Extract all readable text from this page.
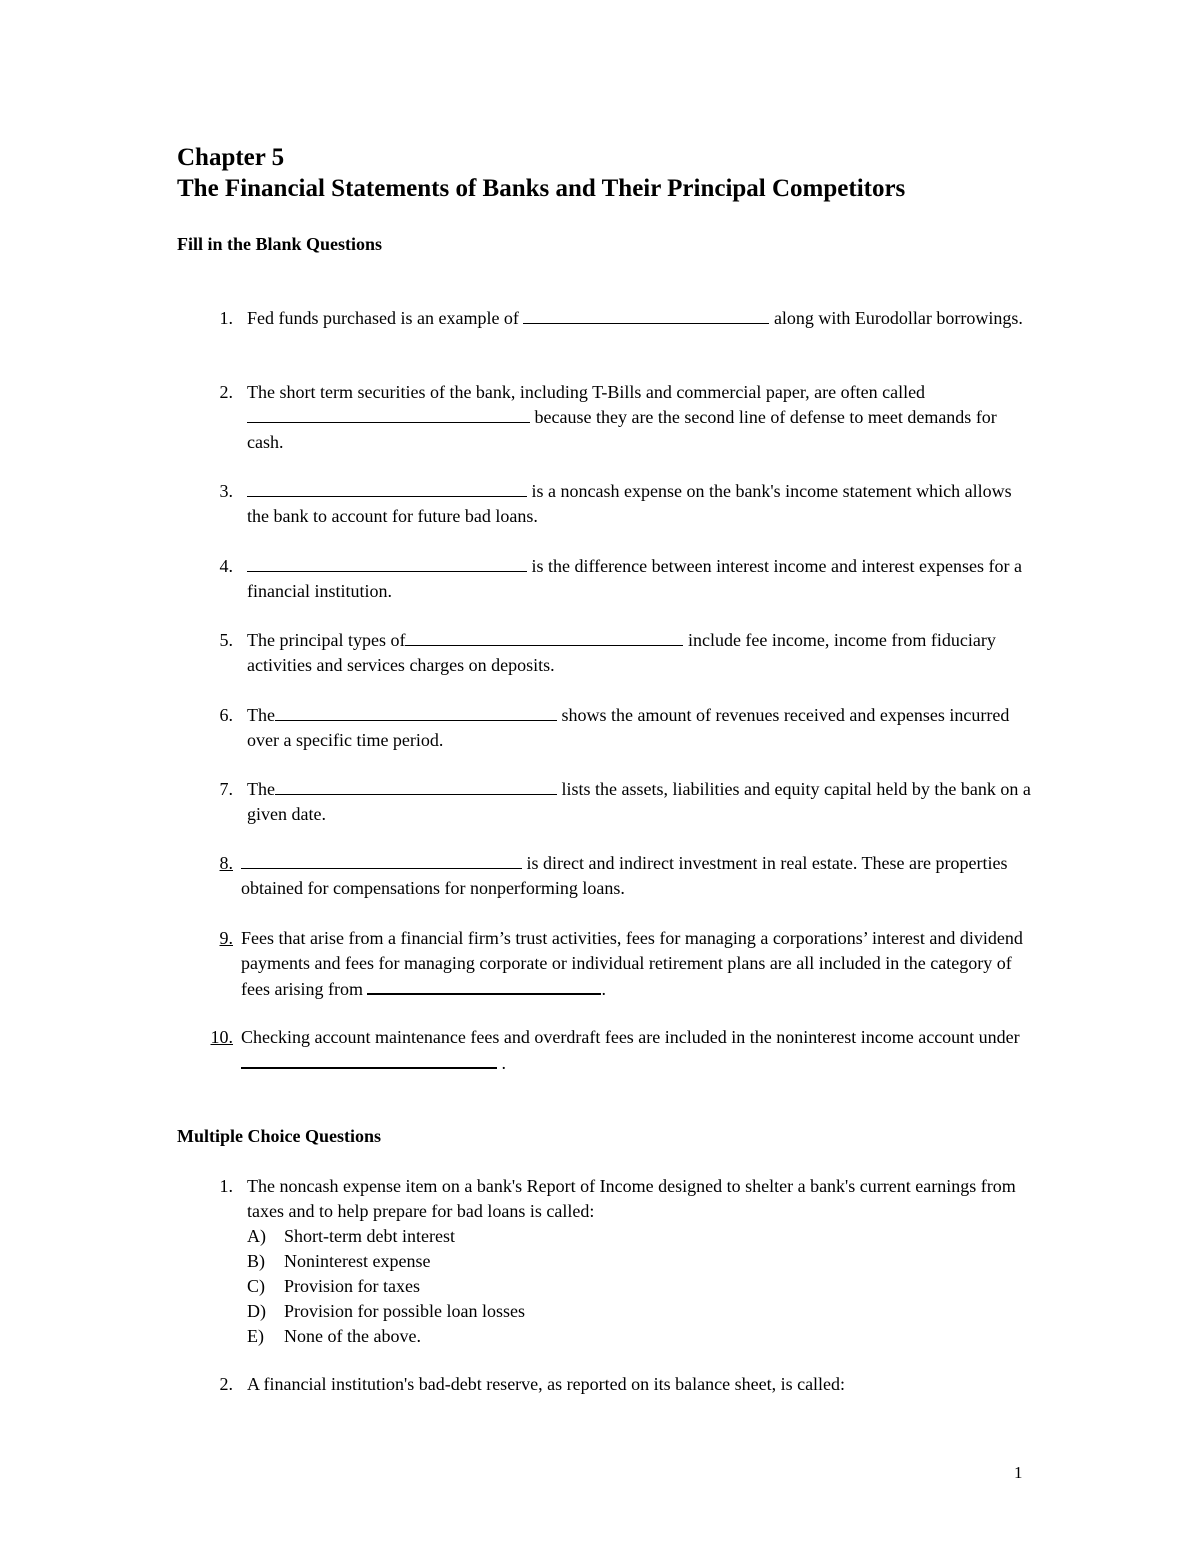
Chapter 5
The Financial Statements of Banks and Their Principal Competitors
Fill in the Blank Questions
1. Fed funds purchased is an example of	along with Eurodollar borrowings.
2. The short term securities of the bank, including T-Bills and commercial paper, are often called  because they are the second line of defense to meet demands for cash.
3.	is a noncash expense on the bank's income statement which allows the bank to account for future bad loans.
4.	is the difference between interest income and interest expenses for a financial institution.
5. The principal types of	include fee income, income from fiduciary activities and services charges on deposits.
6. The	shows the amount of revenues received and expenses incurred over a specific time period.
7. The	lists the assets, liabilities and equity capital held by the bank on a given date.
8.	is direct and indirect investment in real estate. These are properties obtained for compensations for nonperforming loans.
9. Fees that arise from a financial firm’s trust activities, fees for managing a corporations’ interest and dividend payments and fees for managing corporate or individual retirement plans are all included in the category of fees arising from	.
10. Checking account maintenance fees and overdraft fees are included in the noninterest income account under  .
Multiple Choice Questions
1. The noncash expense item on a bank's Report of Income designed to shelter a bank's current earnings from taxes and to help prepare for bad loans is called:
A) Short-term debt interest
B) Noninterest expense
C) Provision for taxes
D) Provision for possible loan losses
E) None of the above.
2. A financial institution's bad-debt reserve, as reported on its balance sheet, is called:
1
